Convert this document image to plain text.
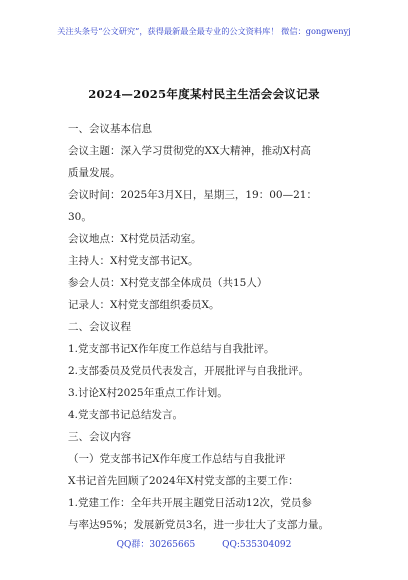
关注头条号“公文研究”，获得最新最全最专业的公文资料库！ 微信：gongwenyj
2024—2025年度某村民主生活会会议记录
一、会议基本信息
会议主题：深入学习贯彻党的XX大精神，推动X村高
质量发展。
会议时间：2025年3月X日，星期三，19：00—21：
30。
会议地点：X村党员活动室。
主持人：X村党支部书记X。
参会人员：X村党支部全体成员（共15人）
记录人：X村党支部组织委员X。
二、会议议程
1.党支部书记X作年度工作总结与自我批评。
2.支部委员及党员代表发言，开展批评与自我批评。
3.讨论X村2025年重点工作计划。
4.党支部书记总结发言。
三、会议内容
（一）党支部书记X作年度工作总结与自我批评
X书记首先回顾了2024年X村党支部的主要工作：
1.党建工作：全年共开展主题党日活动12次，党员参
与率达95%；发展新党员3名，进一步壮大了支部力量。
QQ群：30265665	QQ:535304092
